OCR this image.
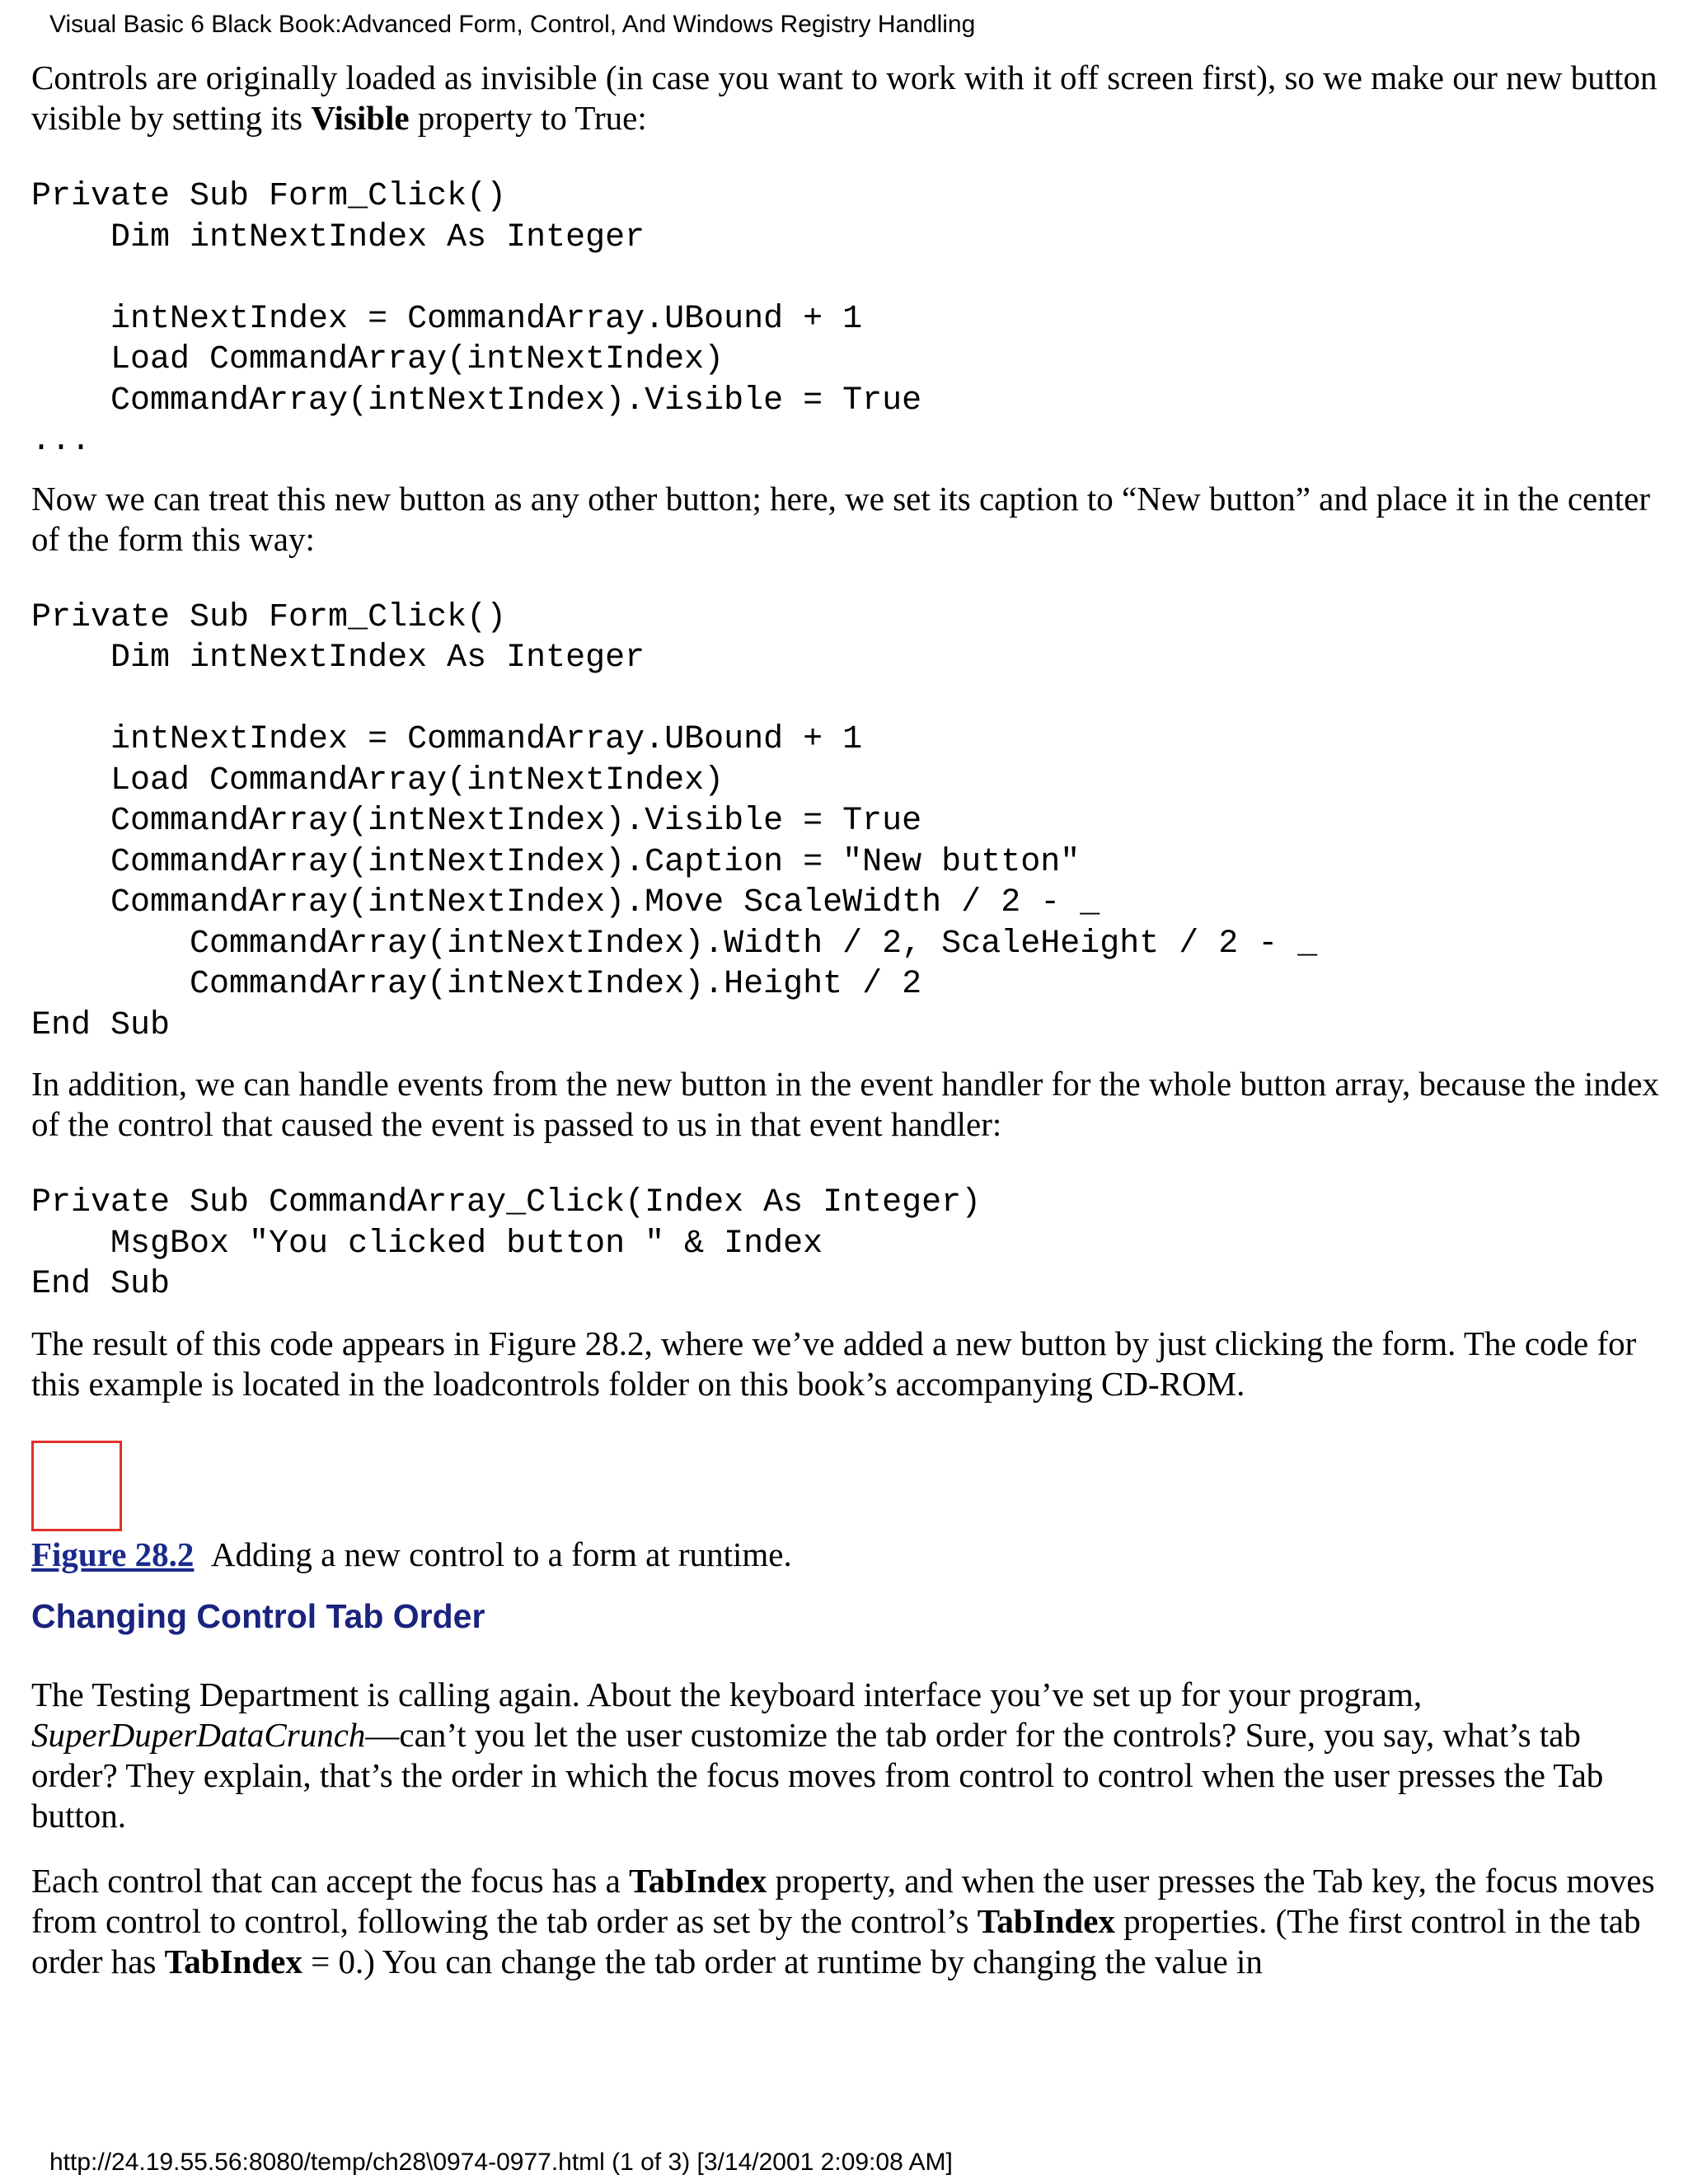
Visual Basic 6 Black Book:Advanced Form, Control, And Windows Registry Handling

Controls are originally loaded as invisible (in case you want to work with it off screen first), so we make our new button visible by setting its Visible property to True:

Private Sub Form_Click()
Dim intNextIndex As Integer

intNextIndex = CommandArray.UBound + 1
Load CommandArray(intNextIndex)
CommandArray(intNextIndex).Visible = True
...

Now we can treat this new button as any other button; here, we set its caption to “New button” and place it in the center of the form this way:

Private Sub Form_Click()
Dim intNextIndex As Integer

intNextIndex = CommandArray.UBound + 1
Load CommandArray(intNextIndex)
CommandArray(intNextIndex).Visible = True
CommandArray(intNextIndex).Caption = "New button"
CommandArray(intNextIndex).Move ScaleWidth / 2 - _
CommandArray(intNextIndex).Width / 2, ScaleHeight / 2 - _
CommandArray(intNextIndex).Height / 2
End Sub

In addition, we can handle events from the new button in the event handler for the whole button array, because the index of the control that caused the event is passed to us in that event handler:

Private Sub CommandArray_Click(Index As Integer)
MsgBox "You clicked button " & Index
End Sub

The result of this code appears in Figure 28.2, where we’ve added a new button by just clicking the form. The code for this example is located in the loadcontrols folder on this book’s accompanying CD-ROM.

Figure 28.2 Adding a new control to a form at runtime.
Changing Control Tab Order

The Testing Department is calling again. About the keyboard interface you’ve set up for your program, SuperDuperDataCrunch—can’t you let the user customize the tab order for the controls? Sure, you say, what’s tab order? They explain, that’s the order in which the focus moves from control to control when the user presses the Tab button.

Each control that can accept the focus has a TabIndex property, and when the user presses the Tab key, the focus moves from control to control, following the tab order as set by the control’s TabIndex properties. (The first control in the tab order has TabIndex = 0.) You can change the tab order at runtime by changing the value in

http://24.19.55.56:8080/temp/ch28\0974-0977.html (1 of 3) [3/14/2001 2:09:08 AM]
